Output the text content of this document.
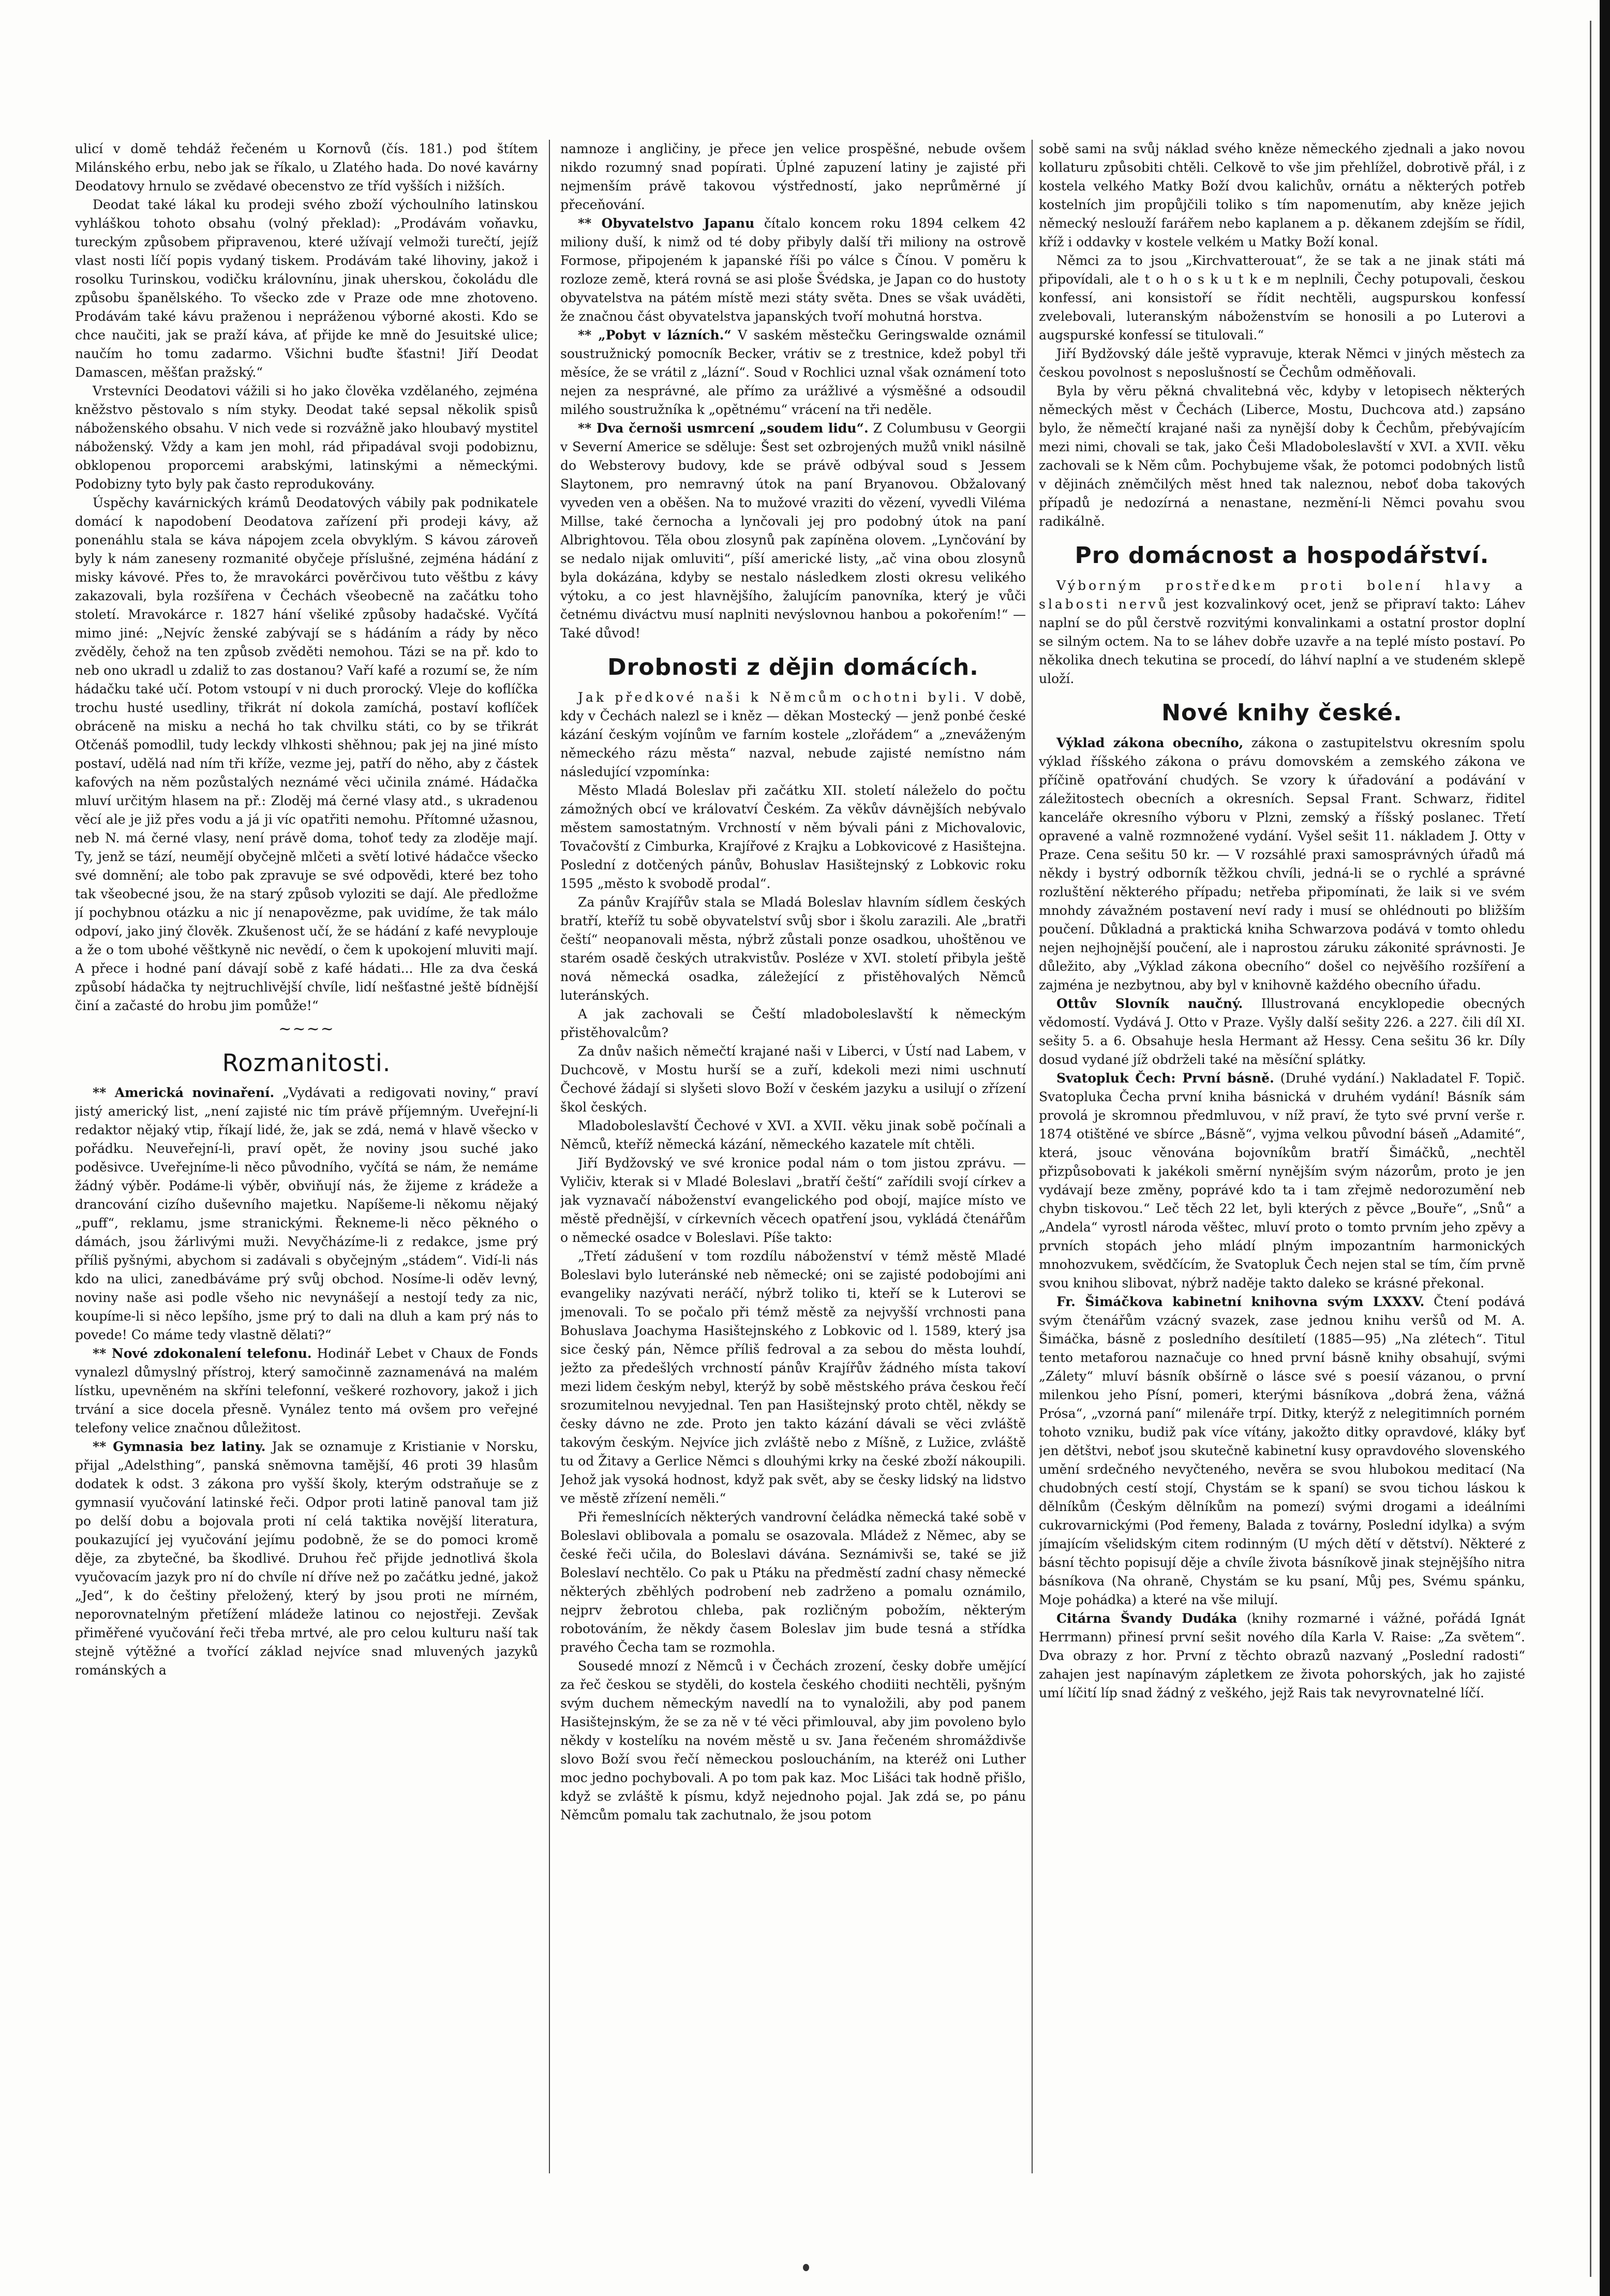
ulicí v domě tehdáž řečeném u Kornovů (čís. 181.) pod štítem Milánského erbu, nebo jak se říkalo, u Zlatého hada. Do nové kavárny Deodatovy hrnulo se zvědavé obecenstvo ze tříd vyšších i nižších.

Deodat také lákal ku prodeji svého zboží výchoulního latinskou vyhláškou tohoto obsahu (volný překlad): „Prodávám voňavku, tureckým způsobem připravenou, které užívají velmoži turečtí, jejíž vlast nosti líčí popis vydaný tiskem. Prodávám také lihoviny, jakož i rosolku Turinskou, vodičku královnínu, jinak uherskou, čokoládu dle způsobu španělského. To všecko zde v Praze ode mne zhotoveno. Prodávám také kávu praženou i nepráženou výborné akosti. Kdo se chce naučiti, jak se praží káva, ať přijde ke mně do Jesuitské ulice; naučím ho tomu zadarmo. Všichni buďte šťastni! Jiří Deodat Damascen, měšťan pražský.“

Vrstevníci Deodatovi vážili si ho jako člověka vzdělaného, zejména kněžstvo pěstovalo s ním styky. Deodat také sepsal několik spisů náboženského obsahu. V nich vede si rozvážně jako hloubavý mystitel náboženský. Vždy a kam jen mohl, rád připadával svoji podobiznu, obklopenou proporcemi arabskými, latinskými a německými. Podobizny tyto byly pak často reprodukovány.

Úspěchy kavárnických krámů Deodatových vábily pak podnikatele domácí k napodobení Deodatova zařízení při prodeji kávy, až ponenáhlu stala se káva nápojem zcela obvyklým. S kávou zároveň byly k nám zaneseny rozmanité obyčeje příslušné, zejména hádání z misky kávové. Přes to, že mravokárci pověrčivou tuto věštbu z kávy zakazovali, byla rozšířena v Čechách všeobecně na začátku toho století. Mravokárce r. 1827 hání všeliké způsoby hadačské. Vyčítá mimo jiné: „Nejvíc ženské zabývají se s hádáním a rády by něco zvěděly, čehož na ten způsob zvěděti nemohou. Tázi se na př. kdo to neb ono ukradl u zdaliž to zas dostanou? Vaří kafé a rozumí se, že ním hádačku také učí. Potom vstoupí v ni duch prorocký. Vleje do koflíčka trochu husté usedliny, třikrát ní dokola zamíchá, postaví koflíček obráceně na misku a nechá ho tak chvilku státi, co by se třikrát Otčenáš pomodlil, tudy leckdy vlhkosti shěhnou; pak jej na jiné místo postaví, udělá nad ním tři kříže, vezme jej, patří do něho, aby z částek kafových na něm pozůstalých neznámé věci učinila známé. Hádačka mluví určitým hlasem na př.: Zloděj má černé vlasy atd., s ukradenou věcí ale je již přes vodu a já ji víc opatřiti nemohu. Přítomné užasnou, neb N. má černé vlasy, není právě doma, tohoť tedy za zloděje mají. Ty, jenž se tází, neumějí obyčejně mlčeti a světí lotivé hádačce všecko své domnění; ale tobo pak zpravuje se své odpovědi, které bez toho tak všeobecné jsou, že na starý způsob vyloziti se dají. Ale předložme jí pochybnou otázku a nic jí nenapovězme, pak uvidíme, že tak málo odpoví, jako jiný člověk. Zkušenost učí, že se hádání z kafé nevyplouje a že o tom ubohé věštkyně nic nevědí, o čem k upokojení mluviti mají. A přece i hodné paní dávají sobě z kafé hádati... Hle za dva česká způsobí hádačka ty nejtruchlivější chvíle, lidí nešťastné ještě bídnější činí a začasté do hrobu jim pomůže!“

~~~~
Rozmanitosti.

** Americká novinaření. „Vydávati a redigovati noviny,“ praví jistý americký list, „není zajisté nic tím právě příjemným. Uveřejní-li redaktor nějaký vtip, říkají lidé, že, jak se zdá, nemá v hlavě všecko v pořádku. Neuveřejní-li, praví opět, že noviny jsou suché jako poděsivce. Uveřejníme-li něco původního, vyčítá se nám, že nemáme žádný výběr. Podáme-li výběr, obviňují nás, že žijeme z krádeže a drancování cizího duševního majetku. Napíšeme-li někomu nějaký „puff“, reklamu, jsme stranickými. Řekneme-li něco pěkného o dámách, jsou žárlivými muži. Nevyčházíme-li z redakce, jsme prý příliš pyšnými, abychom si zadávali s obyčejným „stádem“. Vidí-li nás kdo na ulici, zanedbáváme prý svůj obchod. Nosíme-li oděv levný, noviny naše asi podle všeho nic nevynášejí a nestojí tedy za nic, koupíme-li si něco lepšího, jsme prý to dali na dluh a kam prý nás to povede! Co máme tedy vlastně dělati?“

** Nové zdokonalení telefonu. Hodinář Lebet v Chaux de Fonds vynalezl důmyslný přístroj, který samočinně zaznamenává na malém lístku, upevněném na skříni telefonní, veškeré rozhovory, jakož i jich trvání a sice docela přesně. Vynález tento má ovšem pro veřejné telefony velice značnou důležitost.

** Gymnasia bez latiny. Jak se oznamuje z Kristianie v Norsku, přijal „Adelsthing“, panská sněmovna tamější, 46 proti 39 hlasům dodatek k odst. 3 zákona pro vyšší školy, kterým odstraňuje se z gymnasií vyučování latinské řeči. Odpor proti latině panoval tam již po delší dobu a bojovala proti ní celá taktika novější literatura, poukazující jej vyučování jejímu podobně, že se do pomoci kromě děje, za zbytečné, ba škodlivé. Druhou řeč přijde jednotlivá škola vyučovacím jazyk pro ní do chvíle ní dříve než po začátku jedné, jakož „Jed“, k do češtiny přeložený, který by jsou proti ne mírném, neporovnatelným přetížení mládeže latinou co nejostřeji. Zevšak přiměřené vyučování řeči třeba mrtvé, ale pro celou kulturu naší tak stejně výtěžné a tvořící základ nejvíce snad mluvených jazyků románských a

namnoze i angličiny, je přece jen velice prospěšné, nebude ovšem nikdo rozumný snad popírati. Úplné zapuzení latiny je zajisté při nejmenším právě takovou výstředností, jako neprůměrné jí přeceňování.

** Obyvatelstvo Japanu čítalo koncem roku 1894 celkem 42 miliony duší, k nimž od té doby přibyly další tři miliony na ostrově Formose, připojeném k japanské říši po válce s Čínou. V poměru k rozloze země, která rovná se asi ploše Švédska, je Japan co do hustoty obyvatelstva na pátém místě mezi státy světa. Dnes se však uváděti, že značnou část obyvatelstva japanských tvoří mohutná horstva.

** „Pobyt v lázních.“ V saském městečku Geringswalde oznámil soustružnický pomocník Becker, vrátiv se z trestnice, kdež pobyl tři měsíce, že se vrátil z „lázní“. Soud v Rochlici uznal však oznámení toto nejen za nesprávné, ale přímo za urážlivé a výsměšné a odsoudil milého soustružníka k „opětnému“ vrácení na tři neděle.

** Dva černoši usmrcení „soudem lidu“. Z Columbusu v Georgii v Severní Americe se sděluje: Šest set ozbrojených mužů vnikl násilně do Websterovy budovy, kde se právě odbýval soud s Jessem Slaytonem, pro nemravný útok na paní Bryanovou. Obžalovaný vyveden ven a oběšen. Na to mužové vraziti do vězení, vyvedli Viléma Millse, také černocha a lynčovali jej pro podobný útok na paní Albrightovou. Těla obou zlosynů pak zapíněna olovem. „Lynčování by se nedalo nijak omluviti“, píší americké listy, „ač vina obou zlosynů byla dokázána, kdyby se nestalo následkem zlosti okresu velikého výtoku, a co jest hlavnějšího, žalujícím panovníka, který je vůči četnému diváctvu musí naplniti nevýslovnou hanbou a pokořením!“ — Také důvod!

Drobnosti z dějin domácích.

Jak předkové naši k Němcům ochotni byli. V době, kdy v Čechách nalezl se i kněz — děkan Mostecký — jenž ponbé české kázání českým vojínům ve farním kostele „zlořádem“ a „zneváženým německého rázu města“ nazval, nebude zajisté nemístno nám následující vzpomínka:

Město Mladá Boleslav při začátku XII. století náleželo do počtu zámožných obcí ve královatví Českém. Za věkův dávnějších nebývalo městem samostatným. Vrchností v něm bývali páni z Michovalovic, Tovačovští z Cimburka, Krajířové z Krajku a Lobkovicové z Hasištejna. Poslední z dotčených pánův, Bohuslav Hasištejnský z Lobkovic roku 1595 „město k svobodě prodal“.

Za pánův Krajířův stala se Mladá Boleslav hlavním sídlem českých bratří, kteříž tu sobě obyvatelství svůj sbor i školu zarazili. Ale „bratři čeští“ neopanovali města, nýbrž zůstali ponze osadkou, uhoštěnou ve starém osadě českých utrakvistův. Posléze v XVI. století přibyla ještě nová německá osadka, záležející z přistěhovalých Němců luteránských.

A jak zachovali se Čeští mladoboleslavští k německým přistěhovalcům?

Za dnův našich němečtí krajané naši v Liberci, v Ústí nad Labem, v Duchcově, v Mostu hurší se a zuří, kdekoli mezi nimi uschnutí Čechové žádají si slyšeti slovo Boží v českém jazyku a usilují o zřízení škol českých.

Mladoboleslavští Čechové v XVI. a XVII. věku jinak sobě počínali a Němců, kteříž německá kázání, německého kazatele mít chtěli.

Jiří Bydžovský ve své kronice podal nám o tom jistou zprávu. — Vyličiv, kterak si v Mladé Boleslavi „bratří čeští“ zařídili svojí církev a jak vyznavačí náboženství evangelického pod obojí, majíce místo ve městě přednější, v církevních věcech opatření jsou, vykládá čtenářům o německé osadce v Boleslavi. Píše takto:

„Třetí zádušení v tom rozdílu náboženství v témž městě Mladé Boleslavi bylo luteránské neb německé; oni se zajisté podobojími ani evangeliky nazývati neráčí, nýbrž toliko ti, kteří se k Luterovi se jmenovali. To se počalo při témž městě za nejvyšší vrchnosti pana Bohuslava Joachyma Hasištejnského z Lobkovic od l. 1589, který jsa sice český pán, Němce příliš fedroval a za sebou do města louhdí, ježto za předešlých vrchností pánův Krajířův žádného místa takoví mezi lidem českým nebyl, kterýž by sobě městského práva českou řečí srozumitelnou nevyjednal. Ten pan Hasištejnský proto chtěl, někdy se česky dávno ne zde. Proto jen takto kázání dávali se věci zvláště takovým českým. Nejvíce jich zvláště nebo z Míšně, z Lužice, zvláště tu od Žitavy a Gerlice Němci s dlouhými krky na české zboží nákoupili. Jehož jak vysoká hodnost, když pak svět, aby se česky lidský na lidstvo ve městě zřízení neměli.“

Při řemeslnících některých vandrovní čeládka německá také sobě v Boleslavi oblibovala a pomalu se osazovala. Mládež z Němec, aby se české řeči učila, do Boleslavi dávána. Seznámivši se, také se již Boleslaví nechtělo. Co pak u Ptáku na předměstí zadní chasy německé některých zběhlých podrobení neb zadrženo a pomalu oznámilo, nejprv žebrotou chleba, pak rozličným pobožím, některým robotováním, že někdy časem Boleslav jim bude tesná a střídka pravého Čecha tam se rozmohla.

Sousedé mnozí z Němců i v Čechách zrození, česky dobře umějící za řeč českou se styděli, do kostela českého chodiiti nechtěli, pyšným svým duchem německým navedlí na to vynaložili, aby pod panem Hasištejnským, že se za ně v té věci přimlouval, aby jim povoleno bylo někdy v kostelíku na novém městě u sv. Jana řečeném shromáždivše slovo Boží svou řečí německou posloucháním, na kteréž oni Luther moc jedno pochybovali. A po tom pak kaz. Moc Lišáci tak hodně přišlo, když se zvláště k písmu, když nejednoho pojal. Jak zdá se, po pánu Němcům pomalu tak zachutnalo, že jsou potom

sobě sami na svůj náklad svého kněze německého zjednali a jako novou kollaturu způsobiti chtěli. Celkově to vše jim přehlížel, dobrotivě přál, i z kostela velkého Matky Boží dvou kalichův, ornátu a některých potřeb kostelních jim propůjčili toliko s tím napomenutím, aby kněze jejich německý neslouží farářem nebo kaplanem a p. děkanem zdejším se řídil, kříž i oddavky v kostele velkém u Matky Boží konal.

Němci za to jsou „Kirchvatterouat“, že se tak a ne jinak státi má připovídali, ale t o h o s k u t k e m neplnili, Čechy potupovali, českou konfessí, ani konsistoří se řídit nechtěli, augspurskou konfessí zvelebovali, luteranským náboženstvím se honosili a po Luterovi a augspurské konfessí se titulovali.“

Jiří Bydžovský dále ještě vypravuje, kterak Němci v jiných městech za českou povolnost s neposlušností se Čechům odměňovali.

Byla by věru pěkná chvalitebná věc, kdyby v letopisech některých německých měst v Čechách (Liberce, Mostu, Duchcova atd.) zapsáno bylo, že němečtí krajané naši za nynější doby k Čechům, přebývajícím mezi nimi, chovali se tak, jako Češi Mladoboleslavští v XVI. a XVII. věku zachovali se k Něm cům. Pochybujeme však, že potomci podobných listů v dějinách zněmčilých měst hned tak naleznou, neboť doba takových případů je nedozírná a nenastane, nezmění-li Němci povahu svou radikálně.

Pro domácnost a hospodářství.

Výborným prostředkem proti bolení hlavy a slabosti nervů jest kozvalinkový ocet, jenž se připraví takto: Láhev naplní se do půl čerstvě rozvitými konvalinkami a ostatní prostor doplní se silným octem. Na to se láhev dobře uzavře a na teplé místo postaví. Po několika dnech tekutina se procedí, do láhví naplní a ve studeném sklepě uloží.

Nové knihy české.

Výklad zákona obecního, zákona o zastupitelstvu okresním spolu výklad říšského zákona o právu domovském a zemského zákona ve příčině opatřování chudých. Se vzory k úřadování a podávání v záležitostech obecních a okresních. Sepsal Frant. Schwarz, řiditel kanceláře okresního výboru v Plzni, zemský a říšský poslanec. Třetí opravené a valně rozmnožené vydání. Vyšel sešit 11. nákladem J. Otty v Praze. Cena sešitu 50 kr. — V rozsáhlé praxi samosprávných úřadů má někdy i bystrý odborník těžkou chvíli, jedná-li se o rychlé a správné rozluštění některého případu; netřeba připomínati, že laik si ve svém mnohdy závažném postavení neví rady i musí se ohlédnouti po bližším poučení. Důkladná a praktická kniha Schwarzova podává v tomto ohledu nejen nejhojnější poučení, ale i naprostou záruku zákonité správnosti. Je důležito, aby „Výklad zákona obecního“ došel co nejvěšího rozšíření a zajména je nezbytnou, aby byl v knihovně každého obecního úřadu.

Ottův Slovník naučný. Illustrovaná encyklopedie obecných vědomostí. Vydává J. Otto v Praze. Vyšly další sešity 226. a 227. čili díl XI. sešity 5. a 6. Obsahuje hesla Hermant až Hessy. Cena sešitu 36 kr. Díly dosud vydané jíž obdrželi také na měsíční splátky.

Svatopluk Čech: První básně. (Druhé vydání.) Nakladatel F. Topič. Svatopluka Čecha první kniha básnická v druhém vydání! Básník sám provolá je skromnou předmluvou, v níž praví, že tyto své první verše r. 1874 otištěné ve sbírce „Básně“, vyjma velkou původní báseň „Adamité“, která, jsouc věnována bojovníkům bratří Šimáčků, „nechtěl přizpůsobovati k jakékoli směrní nynějším svým názorům, proto je jen vydávají beze změny, poprávé kdo ta i tam zřejmě nedorozumění neb chybn tiskovou.“ Leč těch 22 let, byli kterých z pěvce „Bouře“, „Snů“ a „Andela“ vyrostl národa věštec, mluví proto o tomto prvním jeho zpěvy a prvních stopách jeho mládí plným impozantním harmonických mnohozvukem, svědčícím, že Svatopluk Čech nejen stal se tím, čím prvně svou knihou slibovat, nýbrž naděje takto daleko se krásné překonal.

Fr. Šimáčkova kabinetní knihovna svým LXXXV. Čtení podává svým čtenářům vzácný svazek, zase jednou knihu veršů od M. A. Šimáčka, básně z posledního desítiletí (1885—95) „Na zlétech“. Titul tento metaforou naznačuje co hned první básně knihy obsahují, svými „Zálety“ mluví básník obšírně o lásce své s poesií vázanou, o první milenkou jeho Písní, pomeri, kterými básníkova „dobrá žena, vážná Prósa“, „vzorná paní“ milenáře trpí. Ditky, kterýž z nelegitimních porném tohoto vzniku, budiž pak více vítány, jakožto ditky opravdové, kláky byť jen dětštvi, neboť jsou skutečně kabinetní kusy opravdového slovenského umění srdečného nevyčteného, nevěra se svou hlubokou meditací (Na chudobných cestí stojí, Chystám se k spaní) se svou tichou láskou k dělníkům (Českým dělníkům na pomezí) svými drogami a ideálními cukrovarnickými (Pod řemeny, Balada z továrny, Poslední idylka) a svým jímajícím všelidským citem rodinným (U mých dětí v dětství). Některé z básní těchto popisují děje a chvíle života básníkově jinak stejnějšího nitra básníkova (Na ohraně, Chystám se ku psaní, Můj pes, Svému spánku, Moje pohádka) a které na vše milují.

Citárna Švandy Dudáka (knihy rozmarné i vážné, pořádá Ignát Herrmann) přinesí první sešit nového díla Karla V. Raise: „Za světem“. Dva obrazy z hor. První z těchto obrazů nazvaný „Poslední radosti“ zahajen jest napínavým zápletkem ze života pohorských, jak ho zajisté umí líčití líp snad žádný z veškého, jejž Rais tak nevyrovnatelné líčí.
